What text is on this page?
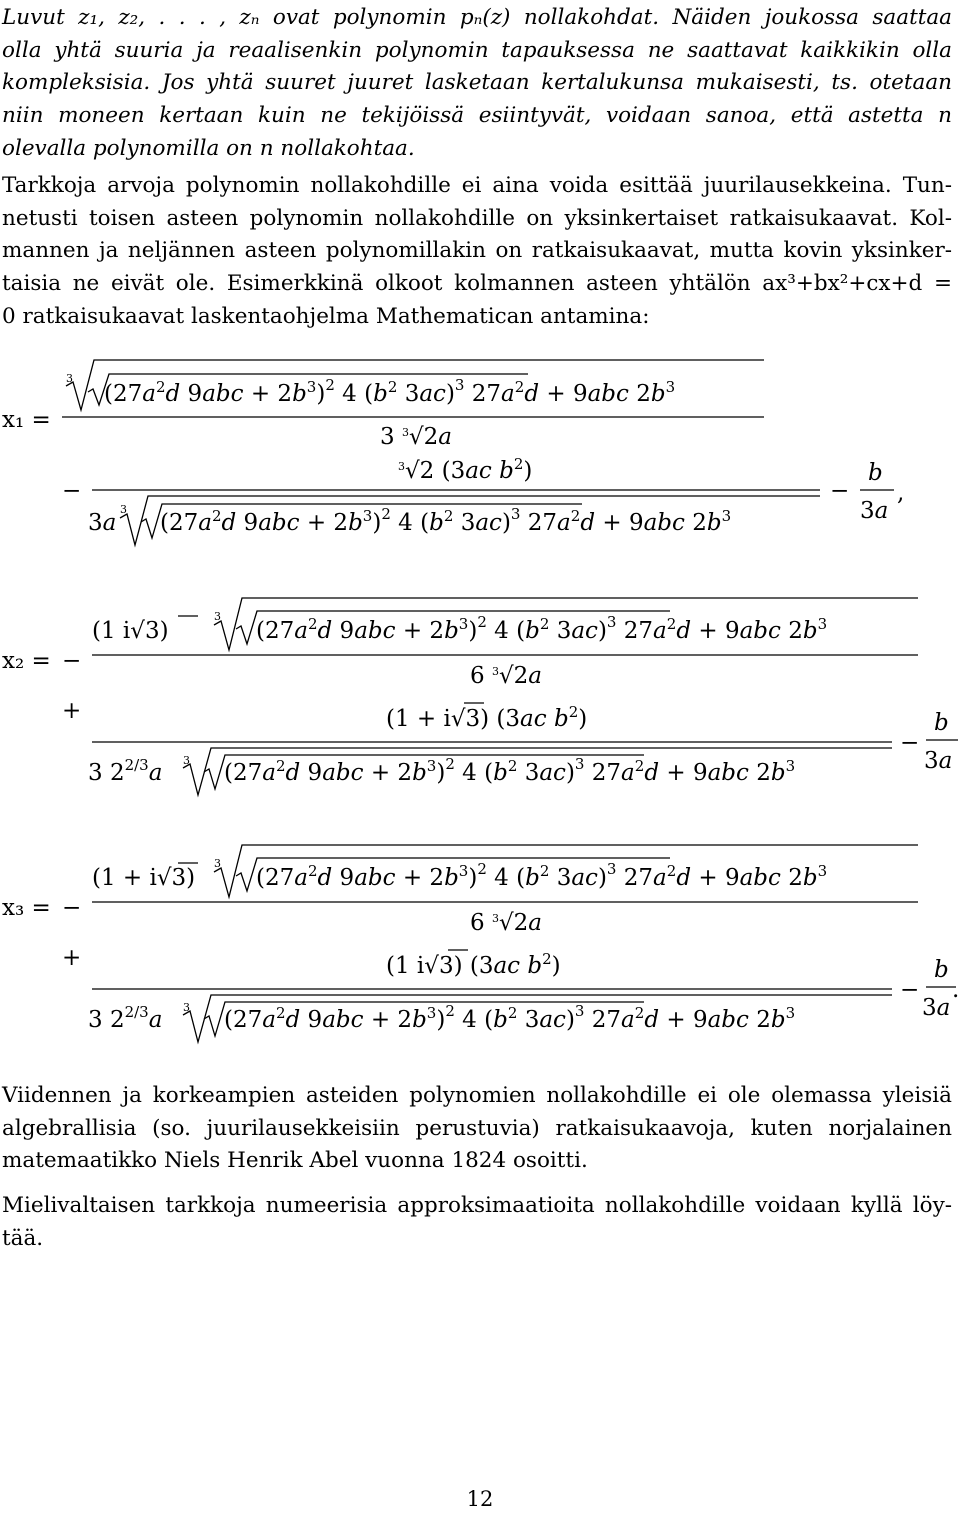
Luvut z₁, z₂, . . . , zₙ ovat polynomin pₙ(z) nollakohdat. Näiden joukossa saattaa
olla yhtä suuria ja reaalisenkin polynomin tapauksessa ne saattavat kaikkikin olla
kompleksisia. Jos yhtä suuret juuret lasketaan kertalukunsa mukaisesti, ts. otetaan
niin moneen kertaan kuin ne tekijöissä esiintyvät, voidaan sanoa, että astetta n
olevalla polynomilla on n nollakohtaa.
Tarkkoja arvoja polynomin nollakohdille ei aina voida esittää juurilausekkeina. Tun-
netusti toisen asteen polynomin nollakohdille on yksinkertaiset ratkaisukaavat. Kol-
mannen ja neljännen asteen polynomillakin on ratkaisukaavat, mutta kovin yksinker-
taisia ne eivät ole. Esimerkkinä olkoot kolmannen asteen yhtälön ax³+bx²+cx+d =
0 ratkaisukaavat laskentaohjelma Mathematican antamina:
x₁ =
3
($27a^2d$ $9abc + 2b^3)^2$ 4 ($b^2$ 3ac)$^3$ $27a^2d + 9abc$ $2b^3$
3 $^3$√2a
−
$^3$√2 (3ac $b^2$)
3a
3
($27a^2d$ $9abc + 2b^3)^2$ 4 ($b^2$ 3ac)$^3$ $27a^2d + 9abc$ $2b^3$
−
b
3a
,
x₂ = −
(1 i√3)
3
($27a^2d$ $9abc + 2b^3)^2$ 4 ($b^2$ 3ac)$^3$ $27a^2d + 9abc$ $2b^3$
6 $^3$√2a
+	(1 + i√3) (3ac $b^2$)
3 $2^{2/3}a$ 3 ($27a^2d$ $9abc + 2b^3)^2$ 4 ($b^2$ 3ac)$^3$ $27a^2d + 9abc$ $2b^3$
−
b
3a
x₃ = −
(1 + i√3)
3
($27a^2d$ $9abc + 2b^3)^2$ 4 ($b^2$ 3ac)$^3$ $27a^2d + 9abc$ $2b^3$
6 $^3$√2a
+	(1 i√3) (3ac $b^2$)
3 $2^{2/3}a$ 3 ($27a^2d$ $9abc + 2b^3)^2$ 4 ($b^2$ 3ac)$^3$ $27a^2d + 9abc$ $2b^3$
−
b
3a
.
Viidennen ja korkeampien asteiden polynomien nollakohdille ei ole olemassa yleisiä
algebrallisia (so. juurilausekkeisiin perustuvia) ratkaisukaavoja, kuten norjalainen
matemaatikko Niels Henrik Abel vuonna 1824 osoitti.
Mielivaltaisen tarkkoja numeerisia approksimaatioita nollakohdille voidaan kyllä löy-
tää.
12
